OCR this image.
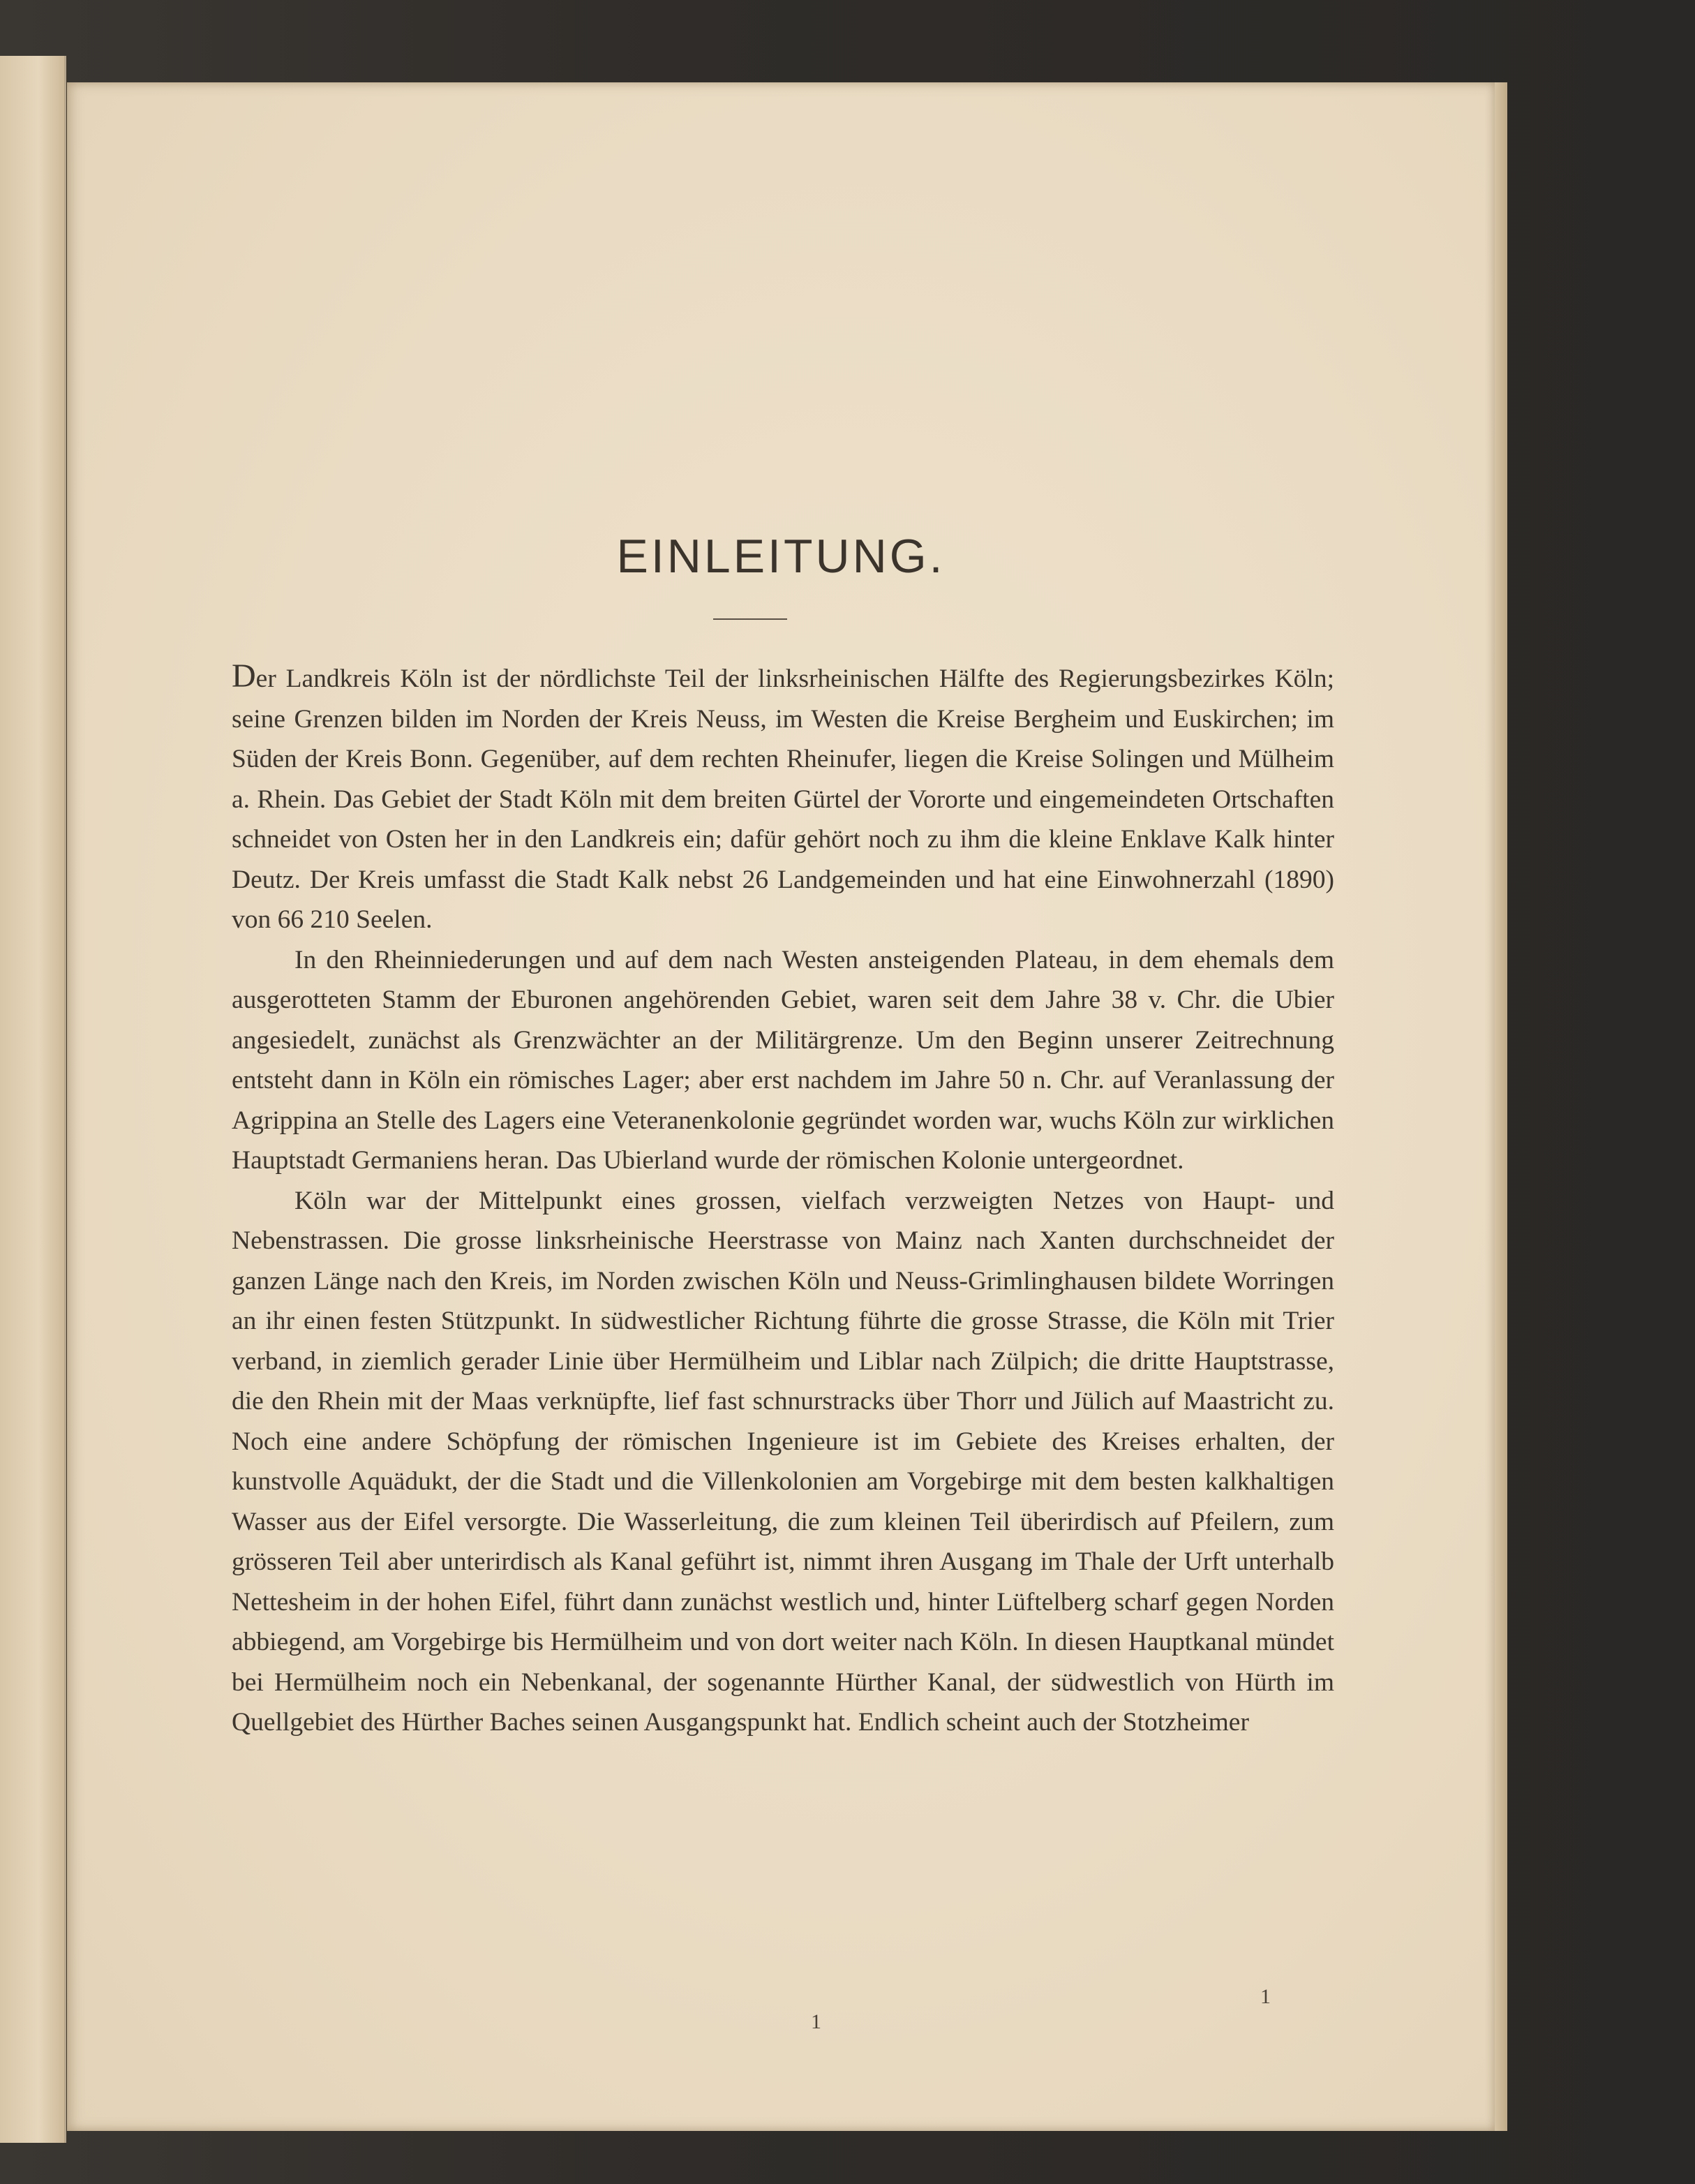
EINLEITUNG.

Der Landkreis Köln ist der nördlichste Teil der linksrheinischen Hälfte des Regierungsbezirkes Köln; seine Grenzen bilden im Norden der Kreis Neuss, im Westen die Kreise Bergheim und Euskirchen; im Süden der Kreis Bonn. Gegenüber, auf dem rechten Rheinufer, liegen die Kreise Solingen und Mülheim a. Rhein. Das Gebiet der Stadt Köln mit dem breiten Gürtel der Vororte und eingemeindeten Ortschaften schneidet von Osten her in den Landkreis ein; dafür gehört noch zu ihm die kleine Enklave Kalk hinter Deutz. Der Kreis umfasst die Stadt Kalk nebst 26 Landgemeinden und hat eine Einwohnerzahl (1890) von 66 210 Seelen.

In den Rheinniederungen und auf dem nach Westen ansteigenden Plateau, in dem ehemals dem ausgerotteten Stamm der Eburonen angehörenden Gebiet, waren seit dem Jahre 38 v. Chr. die Ubier angesiedelt, zunächst als Grenzwächter an der Militärgrenze. Um den Beginn unserer Zeitrechnung entsteht dann in Köln ein römisches Lager; aber erst nachdem im Jahre 50 n. Chr. auf Veranlassung der Agrippina an Stelle des Lagers eine Veteranenkolonie gegründet worden war, wuchs Köln zur wirklichen Hauptstadt Germaniens heran. Das Ubierland wurde der römischen Kolonie untergeordnet.

Köln war der Mittelpunkt eines grossen, vielfach verzweigten Netzes von Haupt- und Nebenstrassen. Die grosse linksrheinische Heerstrasse von Mainz nach Xanten durchschneidet der ganzen Länge nach den Kreis, im Norden zwischen Köln und Neuss-Grimlinghausen bildete Worringen an ihr einen festen Stützpunkt. In südwestlicher Richtung führte die grosse Strasse, die Köln mit Trier verband, in ziemlich gerader Linie über Hermülheim und Liblar nach Zülpich; die dritte Hauptstrasse, die den Rhein mit der Maas verknüpfte, lief fast schnurstracks über Thorr und Jülich auf Maastricht zu. Noch eine andere Schöpfung der römischen Ingenieure ist im Gebiete des Kreises erhalten, der kunstvolle Aquädukt, der die Stadt und die Villenkolonien am Vorgebirge mit dem besten kalkhaltigen Wasser aus der Eifel versorgte. Die Wasserleitung, die zum kleinen Teil überirdisch auf Pfeilern, zum grösseren Teil aber unterirdisch als Kanal geführt ist, nimmt ihren Ausgang im Thale der Urft unterhalb Nettesheim in der hohen Eifel, führt dann zunächst westlich und, hinter Lüftelberg scharf gegen Norden abbiegend, am Vorgebirge bis Hermülheim und von dort weiter nach Köln. In diesen Hauptkanal mündet bei Hermülheim noch ein Nebenkanal, der sogenannte Hürther Kanal, der südwestlich von Hürth im Quellgebiet des Hürther Baches seinen Ausgangspunkt hat. Endlich scheint auch der Stotzheimer

1
1
